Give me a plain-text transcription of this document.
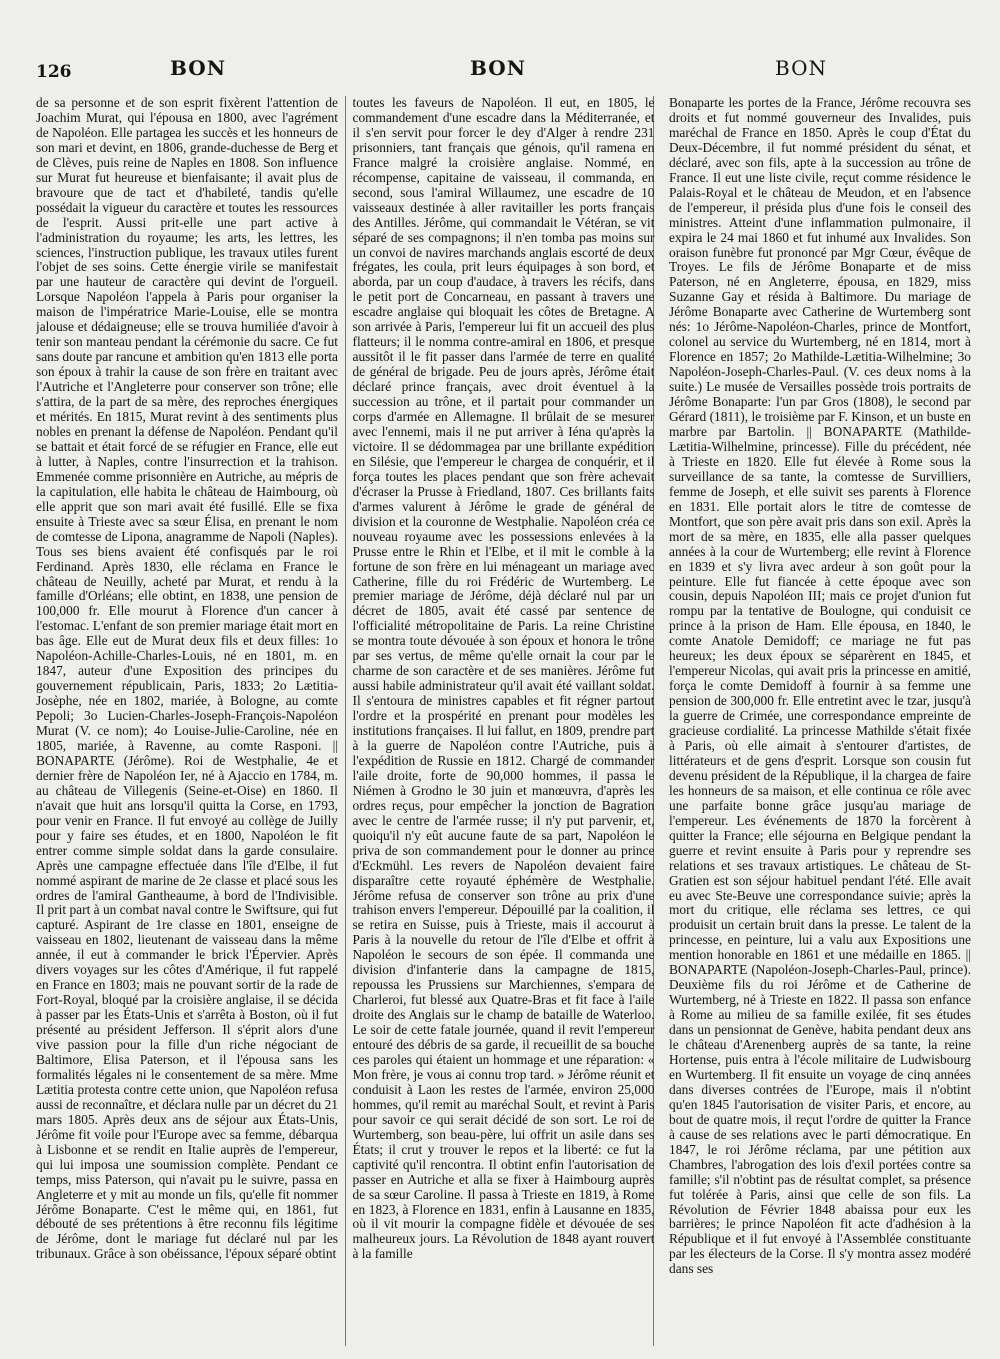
126	BON	BON	BON

de sa personne et de son esprit fixèrent l'attention de Joachim Murat, qui l'épousa en 1800, avec l'agrément de Napoléon. Elle partagea les succès et les honneurs de son mari et devint, en 1806, grande-duchesse de Berg et de Clèves, puis reine de Naples en 1808. Son influence sur Murat fut heureuse et bienfaisante; il avait plus de bravoure que de tact et d'habileté, tandis qu'elle possédait la vigueur du caractère et toutes les ressources de l'esprit. Aussi prit-elle une part active à l'administration du royaume; les arts, les lettres, les sciences, l'instruction publique, les travaux utiles furent l'objet de ses soins. Cette énergie virile se manifestait par une hauteur de caractère qui devint de l'orgueil. Lorsque Napoléon l'appela à Paris pour organiser la maison de l'impératrice Marie-Louise, elle se montra jalouse et dédaigneuse; elle se trouva humiliée d'avoir à tenir son manteau pendant la cérémonie du sacre. Ce fut sans doute par rancune et ambition qu'en 1813 elle porta son époux à trahir la cause de son frère en traitant avec l'Autriche et l'Angleterre pour conserver son trône; elle s'attira, de la part de sa mère, des reproches énergiques et mérités. En 1815, Murat revint à des sentiments plus nobles en prenant la défense de Napoléon. Pendant qu'il se battait et était forcé de se réfugier en France, elle eut à lutter, à Naples, contre l'insurrection et la trahison. Emmenée comme prisonnière en Autriche, au mépris de la capitulation, elle habita le château de Haimbourg, où elle apprit que son mari avait été fusillé. Elle se fixa ensuite à Trieste avec sa sœur Élisa, en prenant le nom de comtesse de Lipona, anagramme de Napoli (Naples). Tous ses biens avaient été confisqués par le roi Ferdinand. Après 1830, elle réclama en France le château de Neuilly, acheté par Murat, et rendu à la famille d'Orléans; elle obtint, en 1838, une pension de 100,000 fr. Elle mourut à Florence d'un cancer à l'estomac. L'enfant de son premier mariage était mort en bas âge. Elle eut de Murat deux fils et deux filles: 1o Napoléon-Achille-Charles-Louis, né en 1801, m. en 1847, auteur d'une Exposition des principes du gouvernement républicain, Paris, 1833; 2o Lætitia-Josèphe, née en 1802, mariée, à Bologne, au comte Pepoli; 3o Lucien-Charles-Joseph-François-Napoléon Murat (V. ce nom); 4o Louise-Julie-Caroline, née en 1805, mariée, à Ravenne, au comte Rasponi. || BONAPARTE (Jérôme). Roi de Westphalie, 4e et dernier frère de Napoléon Ier, né à Ajaccio en 1784, m. au château de Villegenis (Seine-et-Oise) en 1860. Il n'avait que huit ans lorsqu'il quitta la Corse, en 1793, pour venir en France. Il fut envoyé au collège de Juilly pour y faire ses études, et en 1800, Napoléon le fit entrer comme simple soldat dans la garde consulaire. Après une campagne effectuée dans l'île d'Elbe, il fut nommé aspirant de marine de 2e classe et placé sous les ordres de l'amiral Gantheaume, à bord de l'Indivisible. Il prit part à un combat naval contre le Swiftsure, qui fut capturé. Aspirant de 1re classe en 1801, enseigne de vaisseau en 1802, lieutenant de vaisseau dans la même année, il eut à commander le brick l'Épervier. Après divers voyages sur les côtes d'Amérique, il fut rappelé en France en 1803; mais ne pouvant sortir de la rade de Fort-Royal, bloqué par la croisière anglaise, il se décida à passer par les États-Unis et s'arrêta à Boston, où il fut présenté au président Jefferson. Il s'éprit alors d'une vive passion pour la fille d'un riche négociant de Baltimore, Elisa Paterson, et il l'épousa sans les formalités légales ni le consentement de sa mère. Mme Lætitia protesta contre cette union, que Napoléon refusa aussi de reconnaître, et déclara nulle par un décret du 21 mars 1805. Après deux ans de séjour aux États-Unis, Jérôme fit voile pour l'Europe avec sa femme, débarqua à Lisbonne et se rendit en Italie auprès de l'empereur, qui lui imposa une soumission complète. Pendant ce temps, miss Paterson, qui n'avait pu le suivre, passa en Angleterre et y mit au monde un fils, qu'elle fit nommer Jérôme Bonaparte. C'est le même qui, en 1861, fut débouté de ses prétentions à être reconnu fils légitime de Jérôme, dont le mariage fut déclaré nul par les tribunaux. Grâce à son obéissance, l'époux séparé obtint

toutes les faveurs de Napoléon. Il eut, en 1805, le commandement d'une escadre dans la Méditerranée, et il s'en servit pour forcer le dey d'Alger à rendre 231 prisonniers, tant français que génois, qu'il ramena en France malgré la croisière anglaise. Nommé, en récompense, capitaine de vaisseau, il commanda, en second, sous l'amiral Willaumez, une escadre de 10 vaisseaux destinée à aller ravitailler les ports français des Antilles. Jérôme, qui commandait le Vétéran, se vit séparé de ses compagnons; il n'en tomba pas moins sur un convoi de navires marchands anglais escorté de deux frégates, les coula, prit leurs équipages à son bord, et aborda, par un coup d'audace, à travers les récifs, dans le petit port de Concarneau, en passant à travers une escadre anglaise qui bloquait les côtes de Bretagne. A son arrivée à Paris, l'empereur lui fit un accueil des plus flatteurs; il le nomma contre-amiral en 1806, et presque aussitôt il le fit passer dans l'armée de terre en qualité de général de brigade. Peu de jours après, Jérôme était déclaré prince français, avec droit éventuel à la succession au trône, et il partait pour commander un corps d'armée en Allemagne. Il brûlait de se mesurer avec l'ennemi, mais il ne put arriver à Iéna qu'après la victoire. Il se dédommagea par une brillante expédition en Silésie, que l'empereur le chargea de conquérir, et il força toutes les places pendant que son frère achevait d'écraser la Prusse à Friedland, 1807. Ces brillants faits d'armes valurent à Jérôme le grade de général de division et la couronne de Westphalie. Napoléon créa ce nouveau royaume avec les possessions enlevées à la Prusse entre le Rhin et l'Elbe, et il mit le comble à la fortune de son frère en lui ménageant un mariage avec Catherine, fille du roi Frédéric de Wurtemberg. Le premier mariage de Jérôme, déjà déclaré nul par un décret de 1805, avait été cassé par sentence de l'officialité métropolitaine de Paris. La reine Christine se montra toute dévouée à son époux et honora le trône par ses vertus, de même qu'elle ornait la cour par le charme de son caractère et de ses manières. Jérôme fut aussi habile administrateur qu'il avait été vaillant soldat. Il s'entoura de ministres capables et fit régner partout l'ordre et la prospérité en prenant pour modèles les institutions françaises. Il lui fallut, en 1809, prendre part à la guerre de Napoléon contre l'Autriche, puis à l'expédition de Russie en 1812. Chargé de commander l'aile droite, forte de 90,000 hommes, il passa le Niémen à Grodno le 30 juin et manœuvra, d'après les ordres reçus, pour empêcher la jonction de Bagration avec le centre de l'armée russe; il n'y put parvenir, et, quoiqu'il n'y eût aucune faute de sa part, Napoléon le priva de son commandement pour le donner au prince d'Eckmühl. Les revers de Napoléon devaient faire disparaître cette royauté éphémère de Westphalie. Jérôme refusa de conserver son trône au prix d'une trahison envers l'empereur. Dépouillé par la coalition, il se retira en Suisse, puis à Trieste, mais il accourut à Paris à la nouvelle du retour de l'île d'Elbe et offrit à Napoléon le secours de son épée. Il commanda une division d'infanterie dans la campagne de 1815, repoussa les Prussiens sur Marchiennes, s'empara de Charleroi, fut blessé aux Quatre-Bras et fit face à l'aile droite des Anglais sur le champ de bataille de Waterloo. Le soir de cette fatale journée, quand il revit l'empereur entouré des débris de sa garde, il recueillit de sa bouche ces paroles qui étaient un hommage et une réparation: « Mon frère, je vous ai connu trop tard. » Jérôme réunit et conduisit à Laon les restes de l'armée, environ 25,000 hommes, qu'il remit au maréchal Soult, et revint à Paris pour savoir ce qui serait décidé de son sort. Le roi de Wurtemberg, son beau-père, lui offrit un asile dans ses États; il crut y trouver le repos et la liberté: ce fut la captivité qu'il rencontra. Il obtint enfin l'autorisation de passer en Autriche et alla se fixer à Haimbourg auprès de sa sœur Caroline. Il passa à Trieste en 1819, à Rome en 1823, à Florence en 1831, enfin à Lausanne en 1835, où il vit mourir la compagne fidèle et dévouée de ses malheureux jours. La Révolution de 1848 ayant rouvert à la famille

Bonaparte les portes de la France, Jérôme recouvra ses droits et fut nommé gouverneur des Invalides, puis maréchal de France en 1850. Après le coup d'État du Deux-Décembre, il fut nommé président du sénat, et déclaré, avec son fils, apte à la succession au trône de France. Il eut une liste civile, reçut comme résidence le Palais-Royal et le château de Meudon, et en l'absence de l'empereur, il présida plus d'une fois le conseil des ministres. Atteint d'une inflammation pulmonaire, il expira le 24 mai 1860 et fut inhumé aux Invalides. Son oraison funèbre fut prononcé par Mgr Cœur, évêque de Troyes. Le fils de Jérôme Bonaparte et de miss Paterson, né en Angleterre, épousa, en 1829, miss Suzanne Gay et résida à Baltimore. Du mariage de Jérôme Bonaparte avec Catherine de Wurtemberg sont nés: 1o Jérôme-Napoléon-Charles, prince de Montfort, colonel au service du Wurtemberg, né en 1814, mort à Florence en 1857; 2o Mathilde-Lætitia-Wilhelmine; 3o Napoléon-Joseph-Charles-Paul. (V. ces deux noms à la suite.) Le musée de Versailles possède trois portraits de Jérôme Bonaparte: l'un par Gros (1808), le second par Gérard (1811), le troisième par F. Kinson, et un buste en marbre par Bartolin. || BONAPARTE (Mathilde-Lætitia-Wilhelmine, princesse). Fille du précédent, née à Trieste en 1820. Elle fut élevée à Rome sous la surveillance de sa tante, la comtesse de Survilliers, femme de Joseph, et elle suivit ses parents à Florence en 1831. Elle portait alors le titre de comtesse de Montfort, que son père avait pris dans son exil. Après la mort de sa mère, en 1835, elle alla passer quelques années à la cour de Wurtemberg; elle revint à Florence en 1839 et s'y livra avec ardeur à son goût pour la peinture. Elle fut fiancée à cette époque avec son cousin, depuis Napoléon III; mais ce projet d'union fut rompu par la tentative de Boulogne, qui conduisit ce prince à la prison de Ham. Elle épousa, en 1840, le comte Anatole Demidoff; ce mariage ne fut pas heureux; les deux époux se séparèrent en 1845, et l'empereur Nicolas, qui avait pris la princesse en amitié, força le comte Demidoff à fournir à sa femme une pension de 300,000 fr. Elle entretint avec le tzar, jusqu'à la guerre de Crimée, une correspondance empreinte de gracieuse cordialité. La princesse Mathilde s'était fixée à Paris, où elle aimait à s'entourer d'artistes, de littérateurs et de gens d'esprit. Lorsque son cousin fut devenu président de la République, il la chargea de faire les honneurs de sa maison, et elle continua ce rôle avec une parfaite bonne grâce jusqu'au mariage de l'empereur. Les événements de 1870 la forcèrent à quitter la France; elle séjourna en Belgique pendant la guerre et revint ensuite à Paris pour y reprendre ses relations et ses travaux artistiques. Le château de St-Gratien est son séjour habituel pendant l'été. Elle avait eu avec Ste-Beuve une correspondance suivie; après la mort du critique, elle réclama ses lettres, ce qui produisit un certain bruit dans la presse. Le talent de la princesse, en peinture, lui a valu aux Expositions une mention honorable en 1861 et une médaille en 1865. || BONAPARTE (Napoléon-Joseph-Charles-Paul, prince). Deuxième fils du roi Jérôme et de Catherine de Wurtemberg, né à Trieste en 1822. Il passa son enfance à Rome au milieu de sa famille exilée, fit ses études dans un pensionnat de Genève, habita pendant deux ans le château d'Arenenberg auprès de sa tante, la reine Hortense, puis entra à l'école militaire de Ludwisbourg en Wurtemberg. Il fit ensuite un voyage de cinq années dans diverses contrées de l'Europe, mais il n'obtint qu'en 1845 l'autorisation de visiter Paris, et encore, au bout de quatre mois, il reçut l'ordre de quitter la France à cause de ses relations avec le parti démocratique. En 1847, le roi Jérôme réclama, par une pétition aux Chambres, l'abrogation des lois d'exil portées contre sa famille; s'il n'obtint pas de résultat complet, sa présence fut tolérée à Paris, ainsi que celle de son fils. La Révolution de Février 1848 abaissa pour eux les barrières; le prince Napoléon fit acte d'adhésion à la République et il fut envoyé à l'Assemblée constituante par les électeurs de la Corse. Il s'y montra assez modéré dans ses
